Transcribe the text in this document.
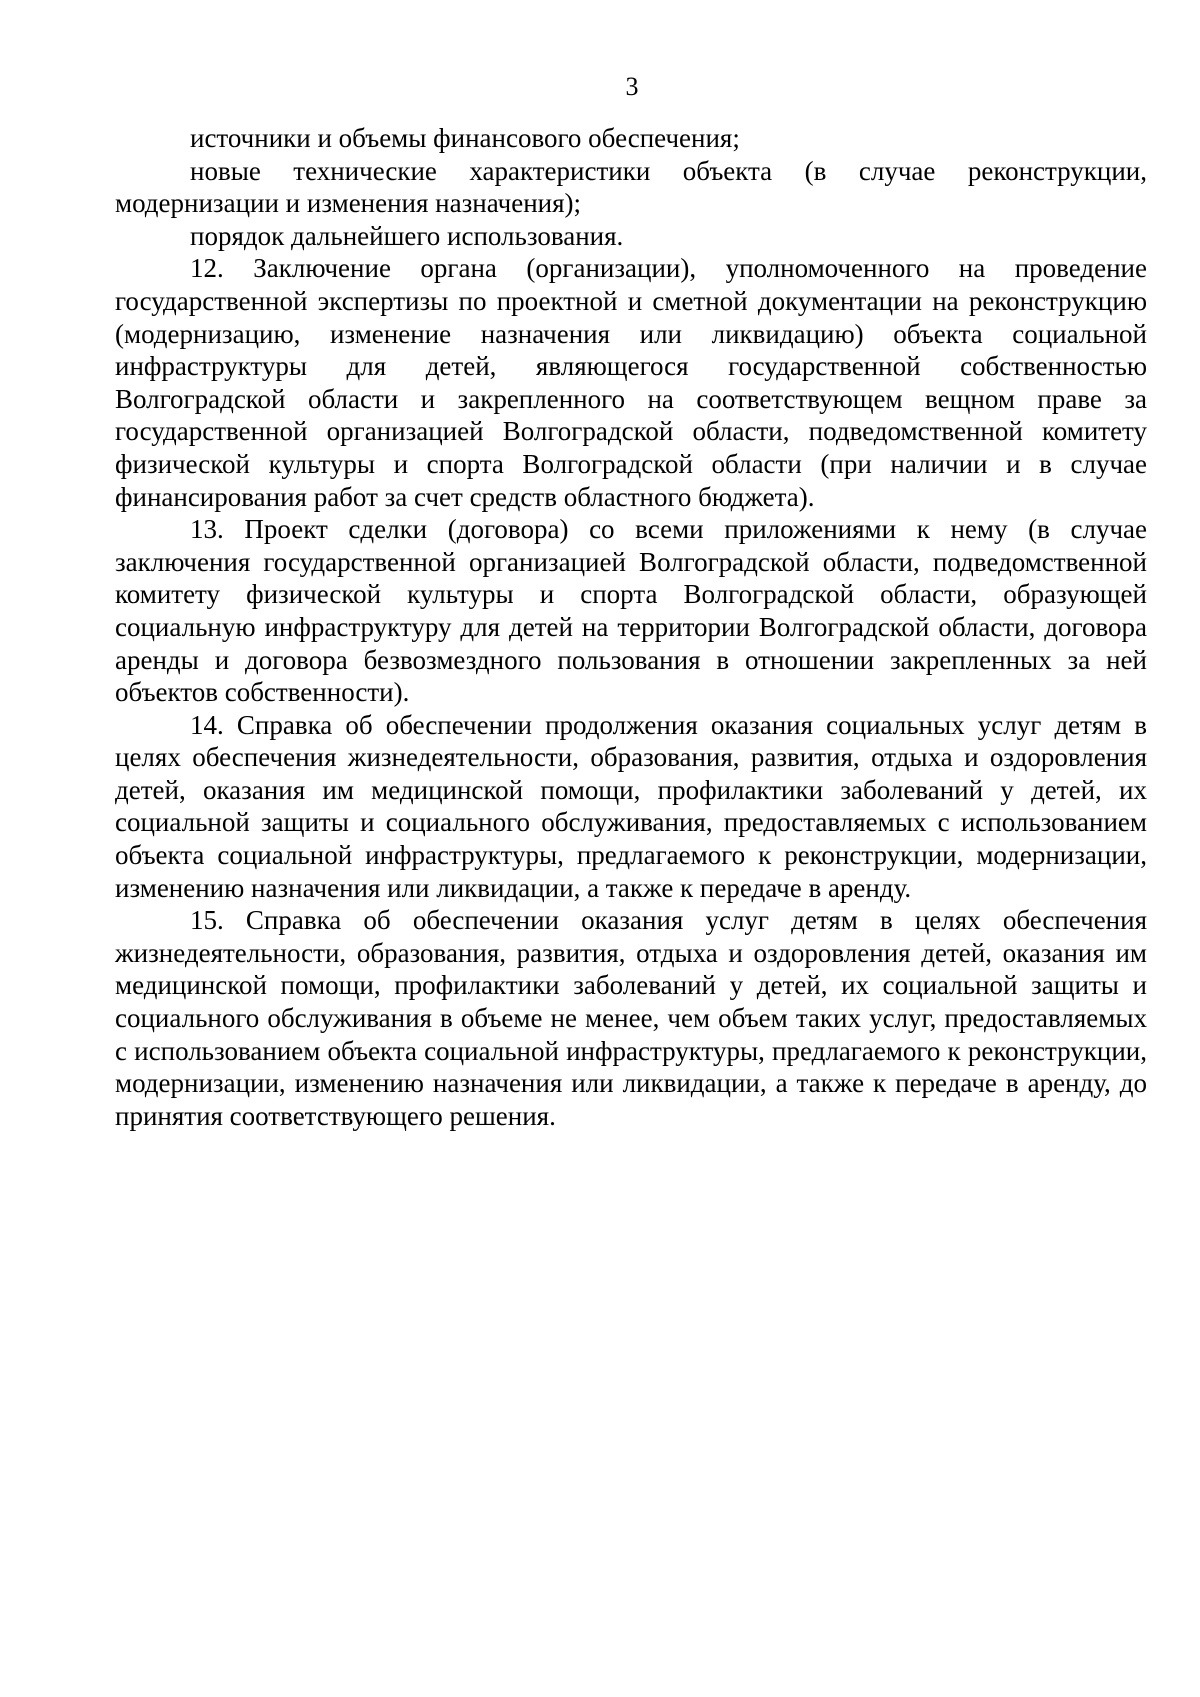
3

источники и объемы финансового обеспечения;

новые технические характеристики объекта (в случае реконструкции, модернизации и изменения назначения);

порядок дальнейшего использования.

12. Заключение органа (организации), уполномоченного на проведение государственной экспертизы по проектной и сметной документации на реконструкцию (модернизацию, изменение назначения или ликвидацию) объекта социальной инфраструктуры для детей, являющегося государственной собственностью Волгоградской области и закрепленного на соответствующем вещном праве за государственной организацией Волгоградской области, подведомственной комитету физической культуры и спорта Волгоградской области (при наличии и в случае финансирования работ за счет средств областного бюджета).

13. Проект сделки (договора) со всеми приложениями к нему (в случае заключения государственной организацией Волгоградской области, подведомственной комитету физической культуры и спорта Волгоградской области, образующей социальную инфраструктуру для детей на территории Волгоградской области, договора аренды и договора безвозмездного пользования в отношении закрепленных за ней объектов собственности).

14. Справка об обеспечении продолжения оказания социальных услуг детям в целях обеспечения жизнедеятельности, образования, развития, отдыха и оздоровления детей, оказания им медицинской помощи, профилактики заболеваний у детей, их социальной защиты и социального обслуживания, предоставляемых с использованием объекта социальной инфраструктуры, предлагаемого к реконструкции, модернизации, изменению назначения или ликвидации, а также к передаче в аренду.

15. Справка об обеспечении оказания услуг детям в целях обеспечения жизнедеятельности, образования, развития, отдыха и оздоровления детей, оказания им медицинской помощи, профилактики заболеваний у детей, их социальной защиты и социального обслуживания в объеме не менее, чем объем таких услуг, предоставляемых с использованием объекта социальной инфраструктуры, предлагаемого к реконструкции, модернизации, изменению назначения или ликвидации, а также к передаче в аренду, до принятия соответствующего решения.
